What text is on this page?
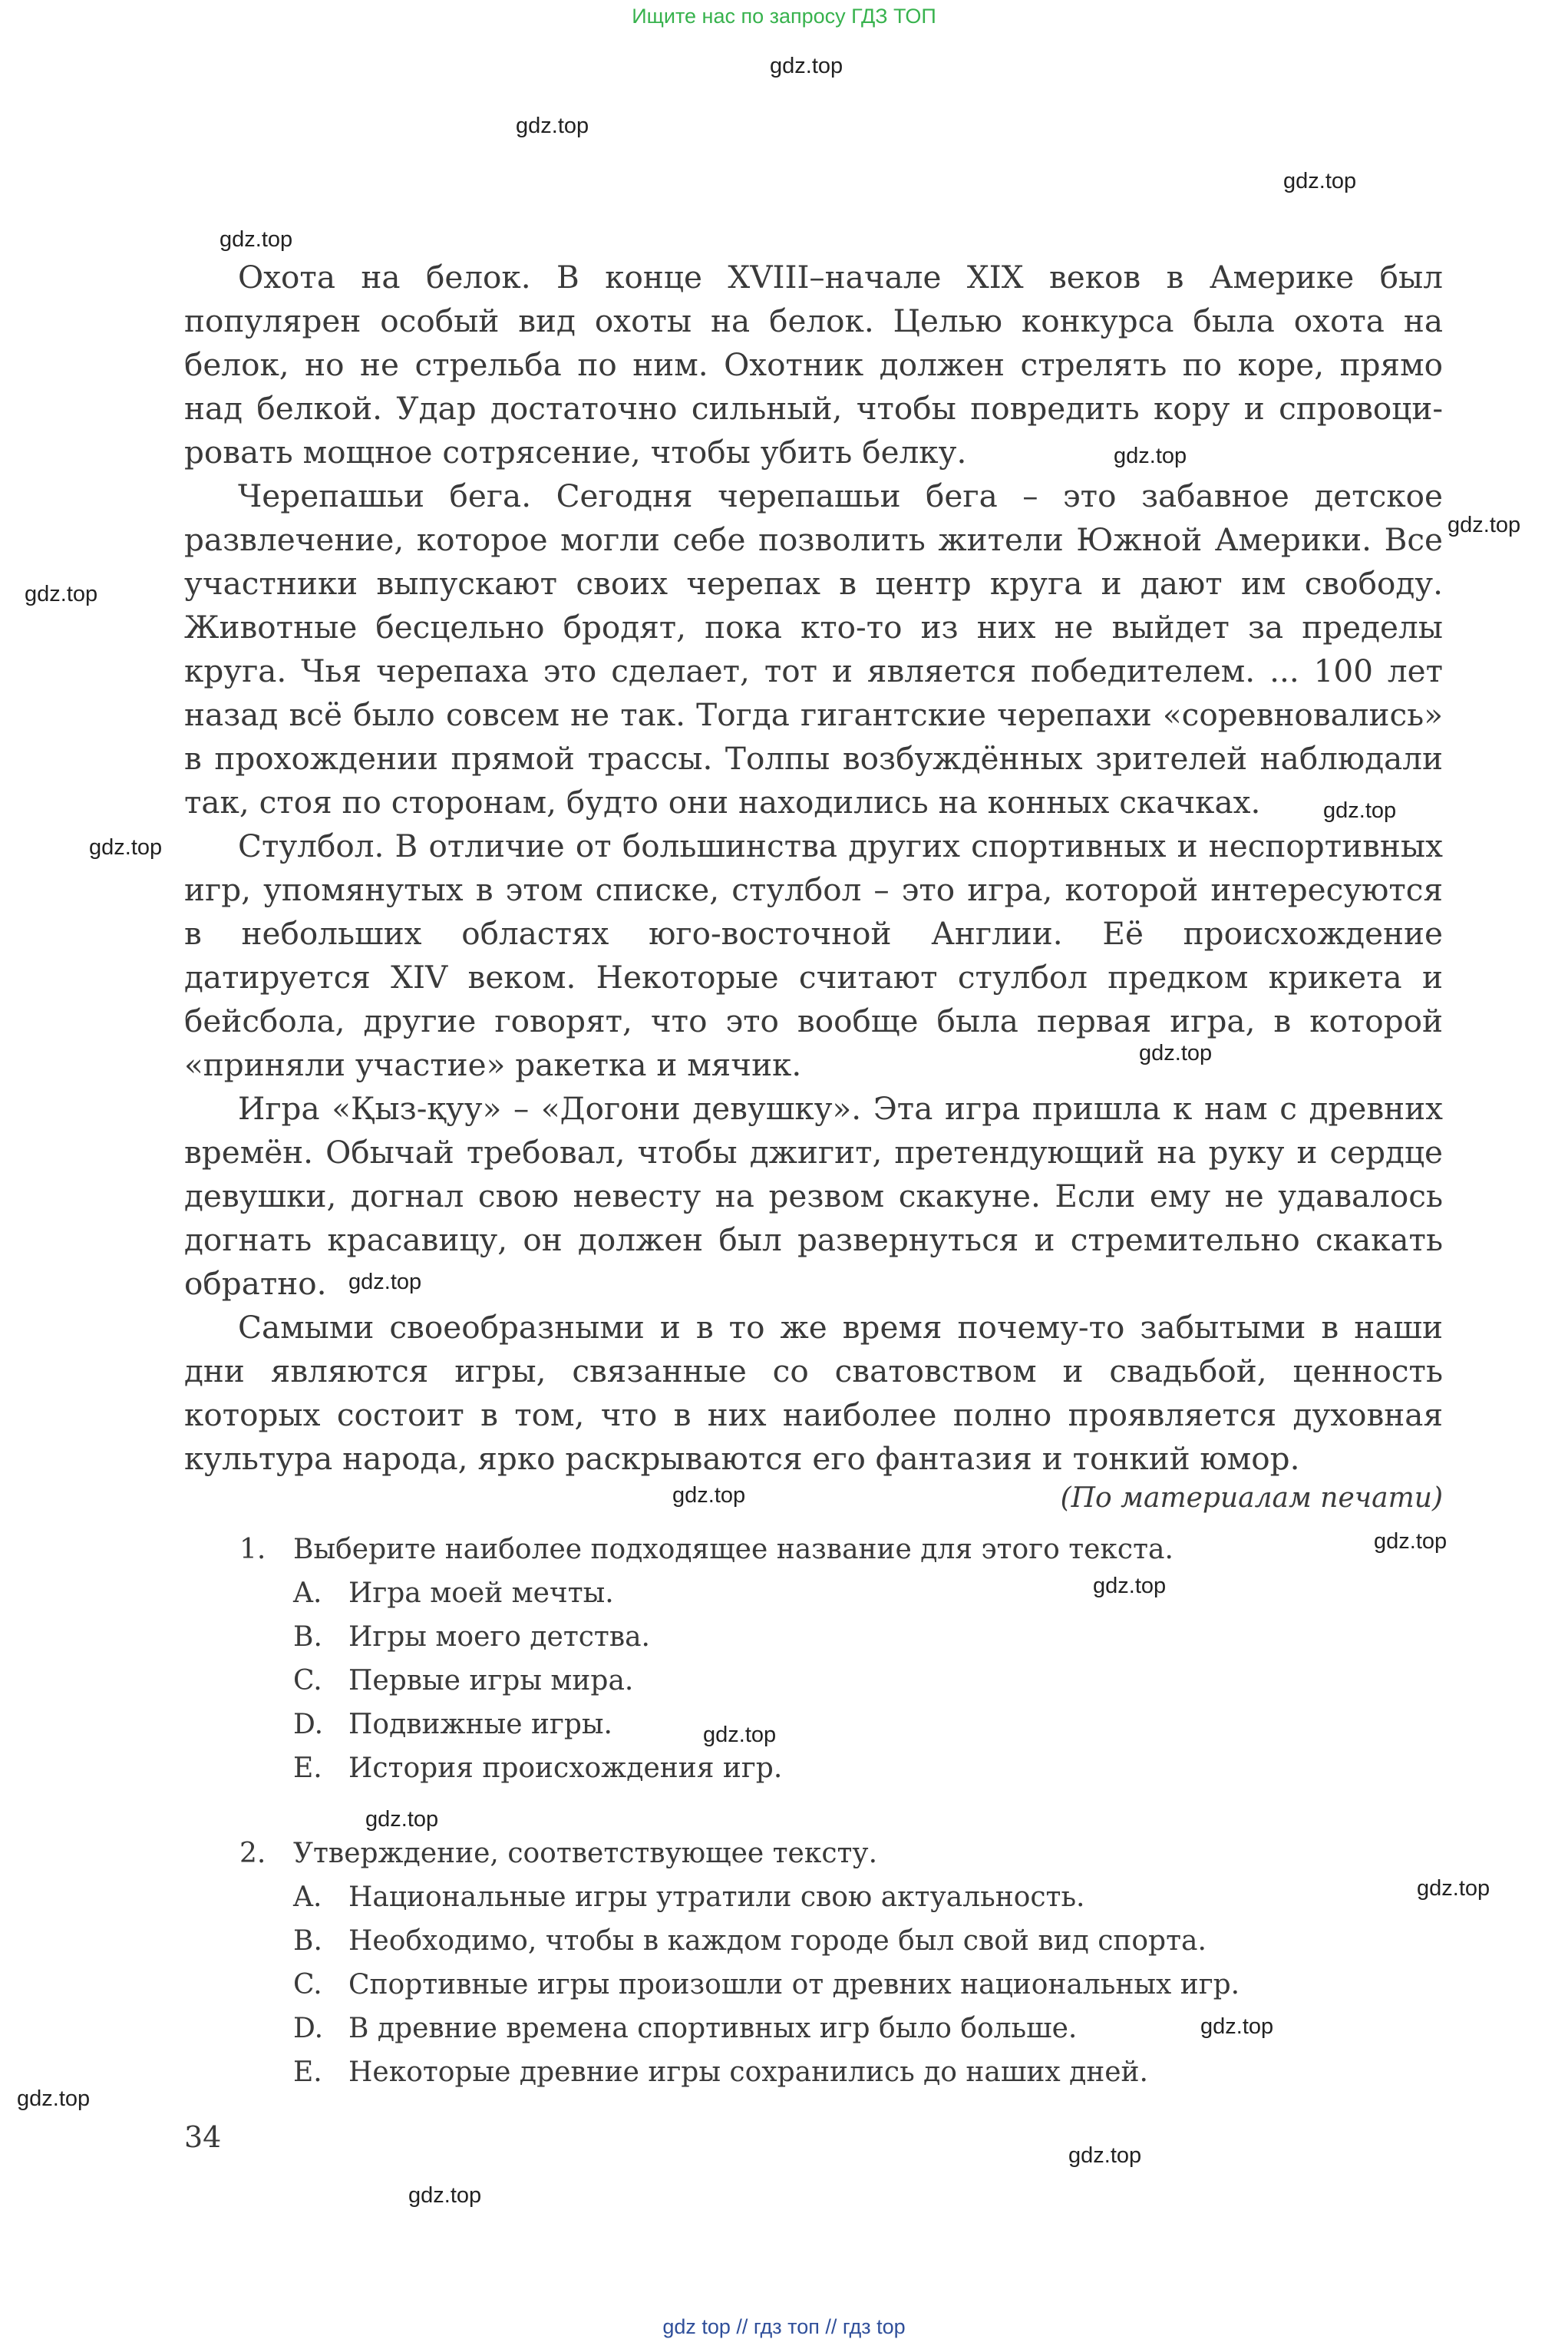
Ищите нас по запросу ГДЗ ТОП
gdz.top
gdz.top
gdz.top
gdz.top
gdz.top
gdz.top
gdz.top
gdz.top
gdz.top
gdz.top
gdz.top
gdz.top
gdz.top
gdz.top
gdz.top
gdz.top
gdz.top
gdz.top
gdz.top
gdz.top
gdz.top

Охота на белок. В конце XVIII–начале XIX веков в Америке был популярен особый вид охоты на белок. Целью конкурса была охота на белок, но не стрельба по ним. Охотник должен стрелять по коре, прямо над белкой. Удар достаточно сильный, чтобы повредить кору и спровоцировать мощное сотрясение, чтобы убить белку.

Черепашьи бега. Сегодня черепашьи бега – это забавное детское развлечение, которое могли себе позволить жители Южной Америки. Все участники выпускают своих черепах в центр круга и дают им свободу. Животные бесцельно бродят, пока кто-то из них не выйдет за пределы круга. Чья черепаха это сделает, тот и является победителем. ... 100 лет назад всё было совсем не так. Тогда гигантские черепахи «соревновались» в прохождении прямой трассы. Толпы возбуждённых зрителей наблюдали так, стоя по сторонам, будто они находились на конных скачках.

Стулбол. В отличие от большинства других спортивных и неспортивных игр, упомянутых в этом списке, стулбол – это игра, которой интересуются в небольших областях юго-восточной Англии. Её происхождение датируется XIV веком. Некоторые считают стулбол предком крикета и бейсбола, другие говорят, что это вообще была первая игра, в которой «приняли участие» ракетка и мячик.

Игра «Қыз-қуу» – «Догони девушку». Эта игра пришла к нам с древних времён. Обычай требовал, чтобы джигит, претендующий на руку и сердце девушки, догнал свою невесту на резвом скакуне. Если ему не удавалось догнать красавицу, он должен был развернуться и стремительно скакать обратно.

Самыми своеобразными и в то же время почему-то забытыми в наши дни являются игры, связанные со сватовством и свадьбой, ценность которых состоит в том, что в них наиболее полно проявляется духовная культура народа, ярко раскрываются его фантазия и тонкий юмор.

(По материалам печати)
1. Выберите наиболее подходящее название для этого текста.
A. Игра моей мечты.
B. Игры моего детства.
C. Первые игры мира.
D. Подвижные игры.
E. История происхождения игр.
2. Утверждение, соответствующее тексту.
A. Национальные игры утратили свою актуальность.
B. Необходимо, чтобы в каждом городе был свой вид спорта.
C. Спортивные игры произошли от древних национальных игр.
D. В древние времена спортивных игр было больше.
E. Некоторые древние игры сохранились до наших дней.
34
gdz top // гдз топ // гдз top
